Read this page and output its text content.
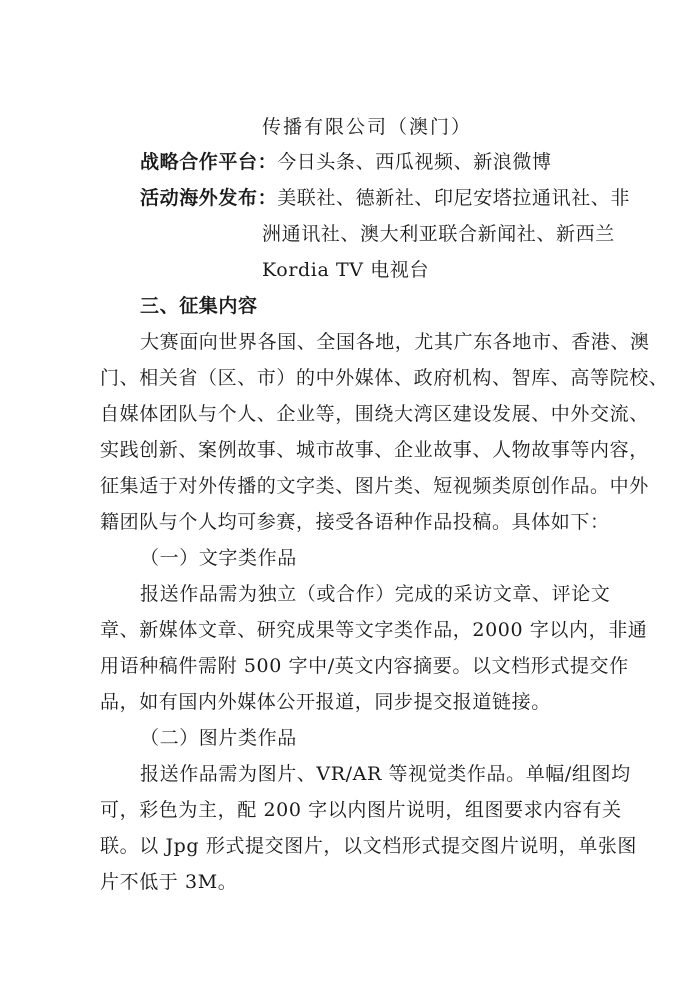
传播有限公司（澳门）
战略合作平台：今日头条、西瓜视频、新浪微博
活动海外发布：美联社、德新社、印尼安塔拉通讯社、非
洲通讯社、澳大利亚联合新闻社、新西兰
Kordia TV 电视台
三、征集内容
大赛面向世界各国、全国各地，尤其广东各地市、香港、澳
门、相关省（区、市）的中外媒体、政府机构、智库、高等院校、
自媒体团队与个人、企业等，围绕大湾区建设发展、中外交流、
实践创新、案例故事、城市故事、企业故事、人物故事等内容，
征集适于对外传播的文字类、图片类、短视频类原创作品。中外
籍团队与个人均可参赛，接受各语种作品投稿。具体如下：
（一）文字类作品
报送作品需为独立（或合作）完成的采访文章、评论文
章、新媒体文章、研究成果等文字类作品，2000 字以内，非通
用语种稿件需附 500 字中/英文内容摘要。以文档形式提交作
品，如有国内外媒体公开报道，同步提交报道链接。
（二）图片类作品
报送作品需为图片、VR/AR 等视觉类作品。单幅/组图均
可，彩色为主，配 200 字以内图片说明，组图要求内容有关
联。以 Jpg 形式提交图片，以文档形式提交图片说明，单张图
片不低于 3M。
